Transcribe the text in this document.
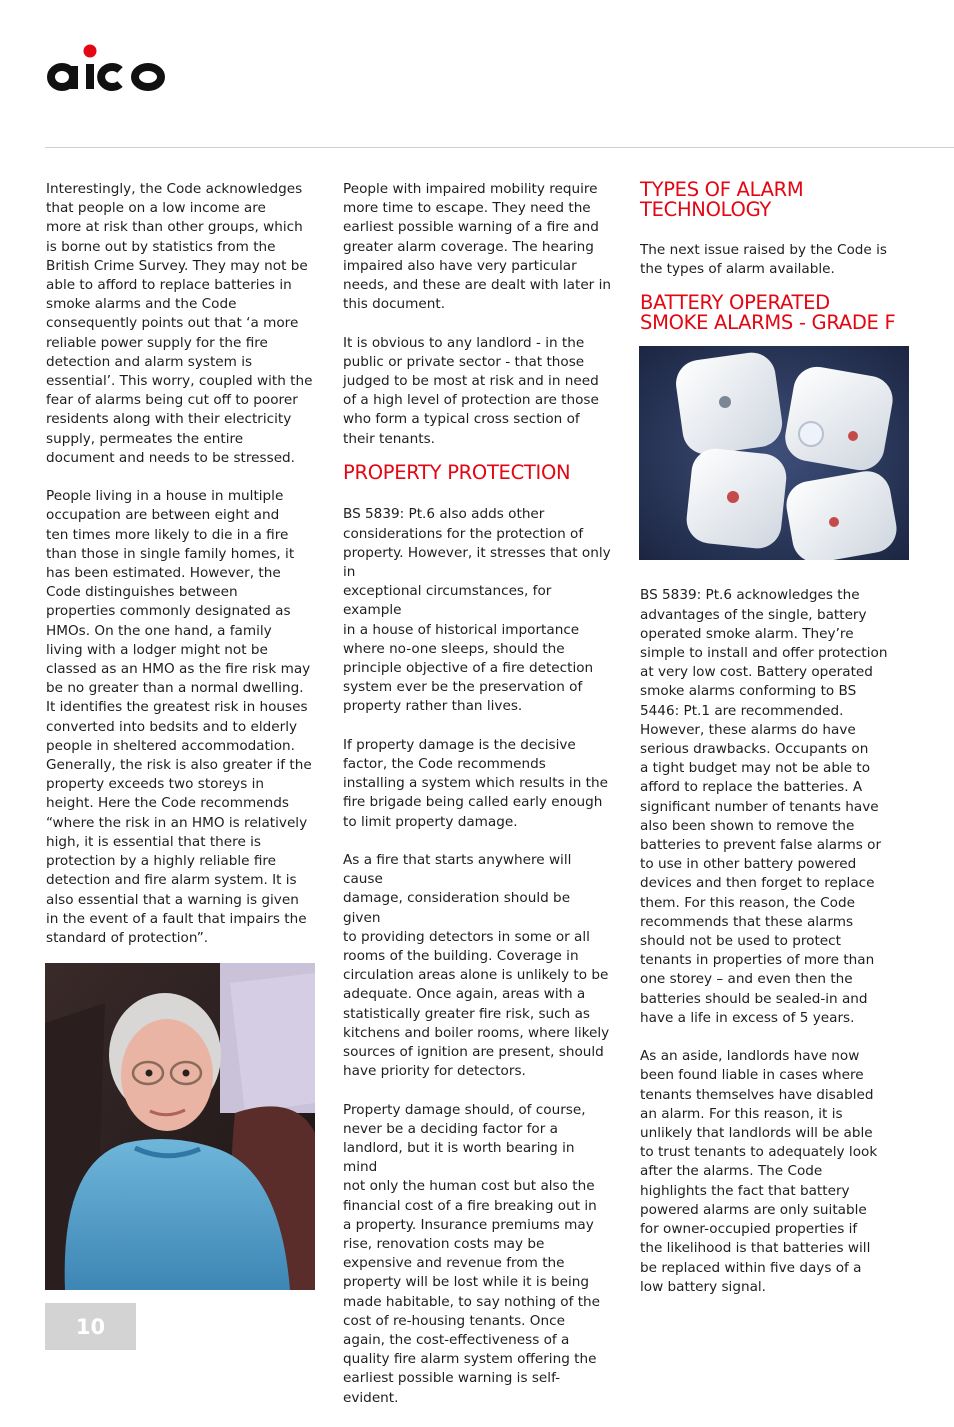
Interestingly, the Code acknowledges
that people on a low income are
more at risk than other groups, which
is borne out by statistics from the
British Crime Survey. They may not be
able to afford to replace batteries in
smoke alarms and the Code
consequently points out that ‘a more
reliable power supply for the fire
detection and alarm system is
essential’. This worry, coupled with the
fear of alarms being cut off to poorer
residents along with their electricity
supply, permeates the entire
document and needs to be stressed.

People living in a house in multiple
occupation are between eight and
ten times more likely to die in a fire
than those in single family homes, it
has been estimated. However, the
Code distinguishes between
properties commonly designated as
HMOs. On the one hand, a family
living with a lodger might not be
classed as an HMO as the fire risk may
be no greater than a normal dwelling.
It identifies the greatest risk in houses
converted into bedsits and to elderly
people in sheltered accommodation.
Generally, the risk is also greater if the
property exceeds two storeys in
height. Here the Code recommends
“where the risk in an HMO is relatively
high, it is essential that there is
protection by a highly reliable fire
detection and fire alarm system. It is
also essential that a warning is given
in the event of a fault that impairs the
standard of protection”.

People with impaired mobility require
more time to escape. They need the
earliest possible warning of a fire and
greater alarm coverage. The hearing
impaired also have very particular
needs, and these are dealt with later in
this document.

It is obvious to any landlord - in the
public or private sector - that those
judged to be most at risk and in need
of a high level of protection are those
who form a typical cross section of
their tenants.

PROPERTY PROTECTION

BS 5839: Pt.6 also adds other
considerations for the protection of
property. However, it stresses that only in
exceptional circumstances, for example
in a house of historical importance
where no-one sleeps, should the
principle objective of a fire detection
system ever be the preservation of
property rather than lives.

If property damage is the decisive
factor, the Code recommends
installing a system which results in the
fire brigade being called early enough
to limit property damage.

As a fire that starts anywhere will cause
damage, consideration should be given
to providing detectors in some or all
rooms of the building. Coverage in
circulation areas alone is unlikely to be
adequate. Once again, areas with a
statistically greater fire risk, such as
kitchens and boiler rooms, where likely
sources of ignition are present, should
have priority for detectors.

Property damage should, of course,
never be a deciding factor for a
landlord, but it is worth bearing in mind
not only the human cost but also the
financial cost of a fire breaking out in
a property. Insurance premiums may
rise, renovation costs may be
expensive and revenue from the
property will be lost while it is being
made habitable, to say nothing of the
cost of re-housing tenants. Once
again, the cost-effectiveness of a
quality fire alarm system offering the
earliest possible warning is self-evident.

TYPES OF ALARM
TECHNOLOGY

The next issue raised by the Code is
the types of alarm available.

BATTERY OPERATED
SMOKE ALARMS - GRADE F

BS 5839: Pt.6 acknowledges the
advantages of the single, battery
operated smoke alarm. They’re
simple to install and offer protection
at very low cost. Battery operated
smoke alarms conforming to BS
5446: Pt.1 are recommended.
However, these alarms do have
serious drawbacks. Occupants on
a tight budget may not be able to
afford to replace the batteries. A
significant number of tenants have
also been shown to remove the
batteries to prevent false alarms or
to use in other battery powered
devices and then forget to replace
them. For this reason, the Code
recommends that these alarms
should not be used to protect
tenants in properties of more than
one storey – and even then the
batteries should be sealed-in and
have a life in excess of 5 years.

As an aside, landlords have now
been found liable in cases where
tenants themselves have disabled
an alarm. For this reason, it is
unlikely that landlords will be able
to trust tenants to adequately look
after the alarms. The Code
highlights the fact that battery
powered alarms are only suitable
for owner-occupied properties if
the likelihood is that batteries will
be replaced within five days of a
low battery signal.

10
